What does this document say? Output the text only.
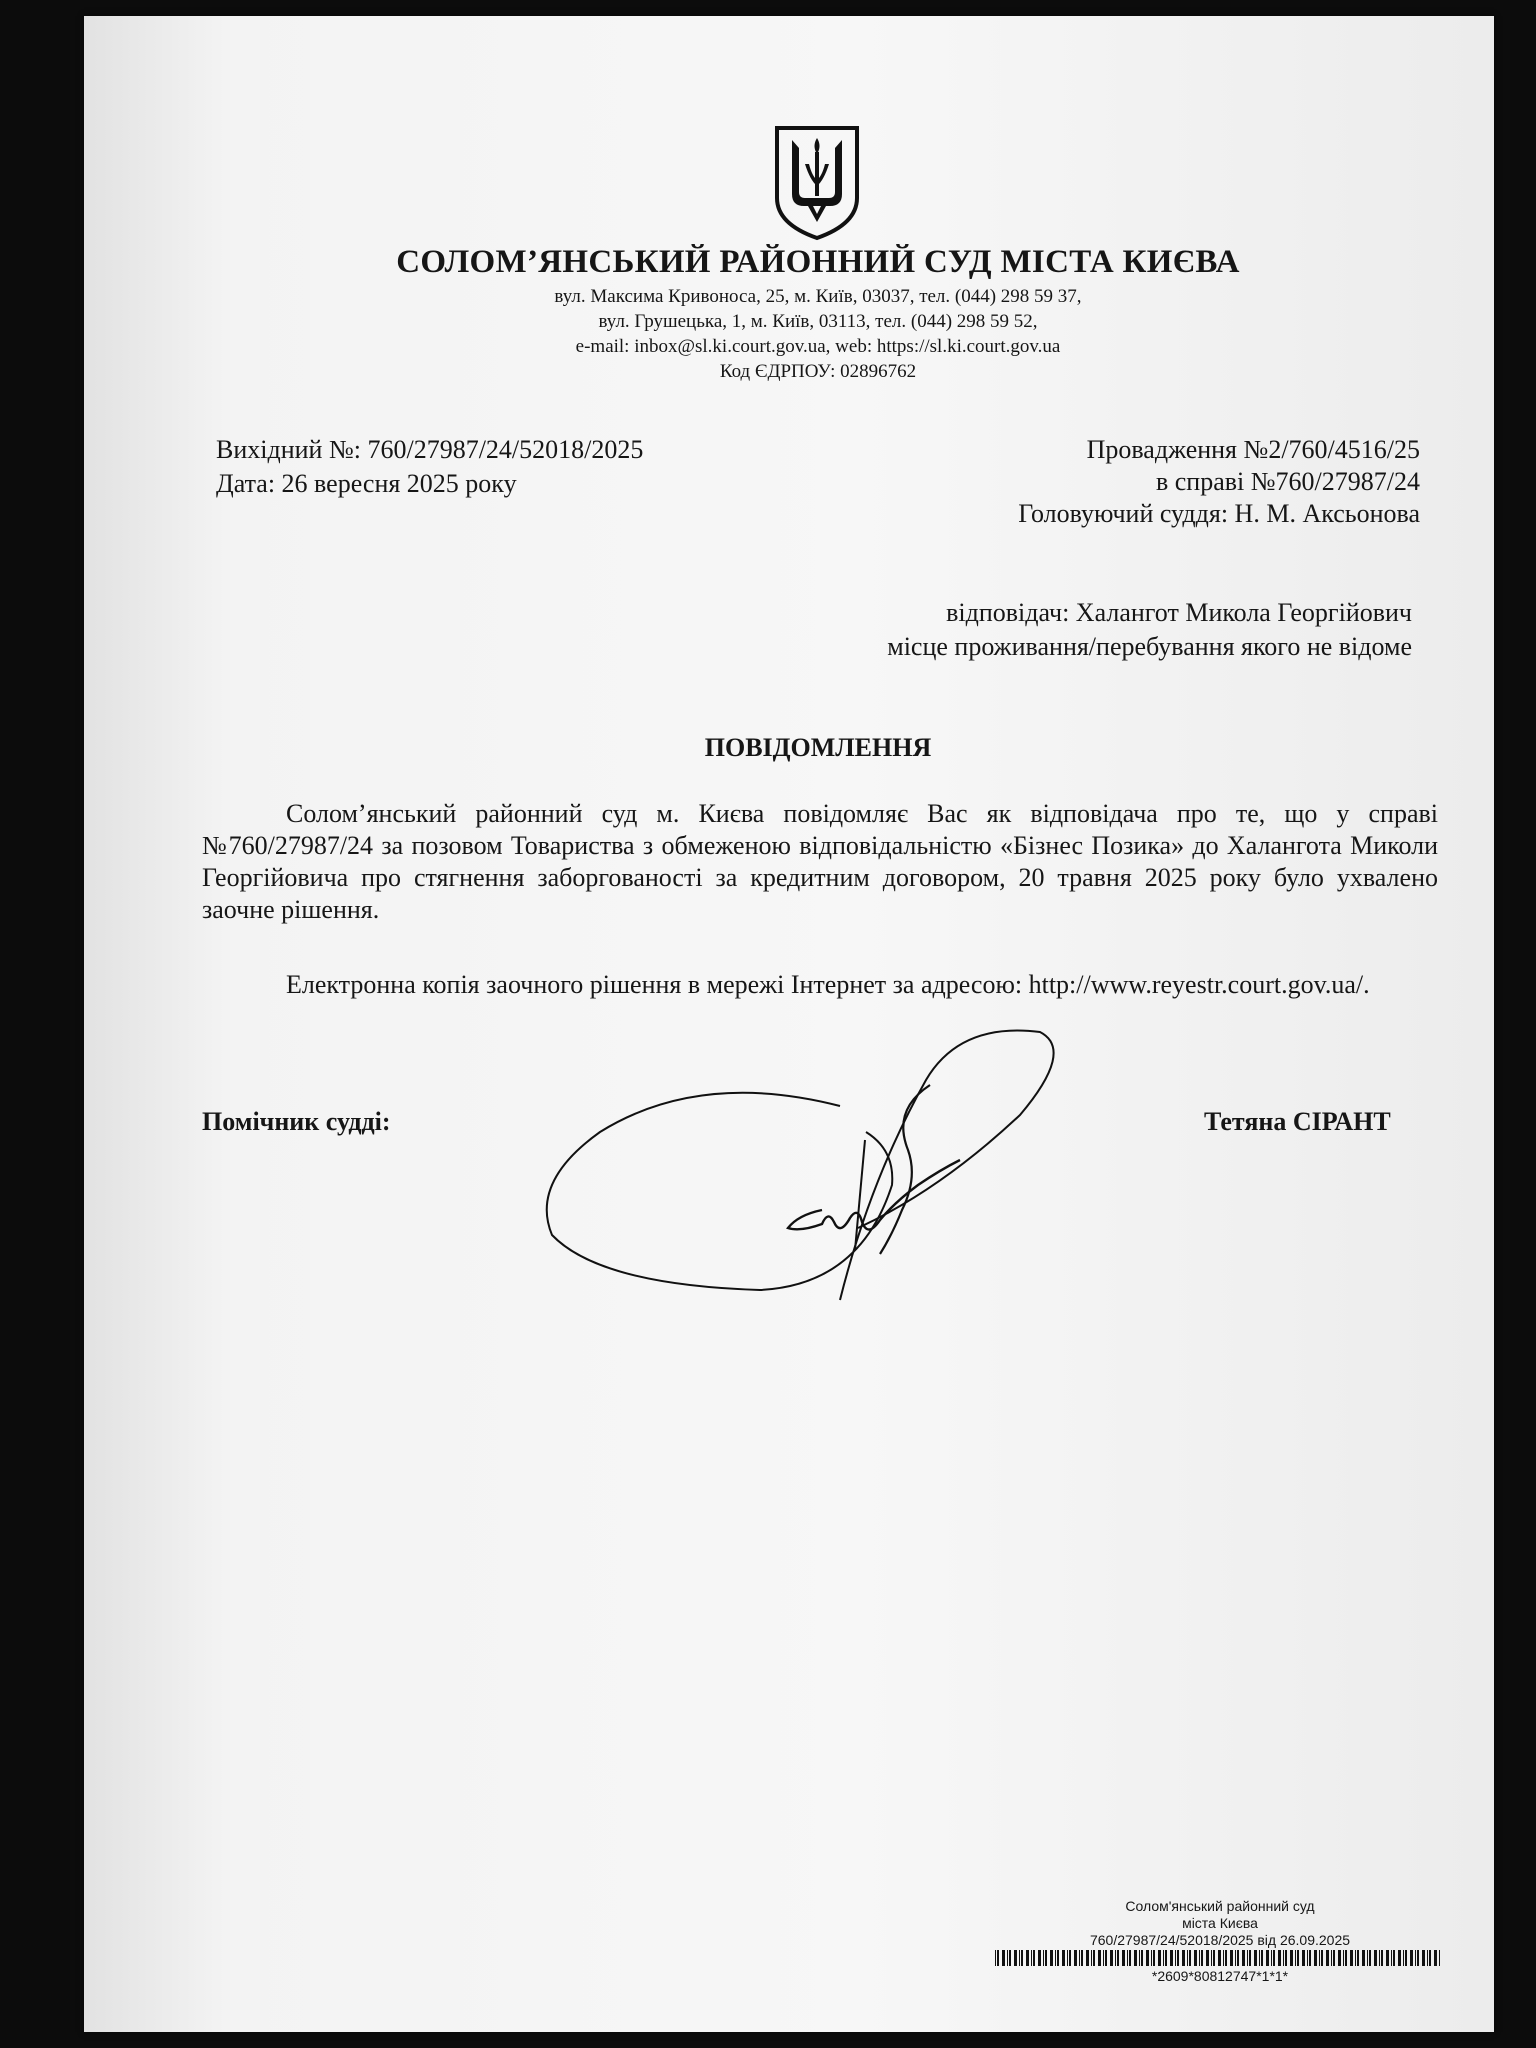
СОЛОМ’ЯНСЬКИЙ РАЙОННИЙ СУД МІСТА КИЄВА
вул. Максима Кривоноса, 25, м. Київ, 03037, тел. (044) 298 59 37,
вул. Грушецька, 1, м. Київ, 03113, тел. (044) 298 59 52,
e-mail: inbox@sl.ki.court.gov.ua, web: https://sl.ki.court.gov.ua
Код ЄДРПОУ: 02896762
Вихідний №: 760/27987/24/52018/2025
Дата: 26 вересня 2025 року
Провадження №2/760/4516/25
в справі №760/27987/24
Головуючий суддя: Н. М. Аксьонова
відповідач: Халангот Микола Георгійович
місце проживання/перебування якого не відоме
ПОВІДОМЛЕННЯ

Солом’янський районний суд м. Києва повідомляє Вас як відповідача про те, що у справі №760/27987/24 за позовом Товариства з обмеженою відповідальністю «Бізнес Позика» до Халангота Миколи Георгійовича про стягнення заборгованості за кредитним договором, 20 травня 2025 року було ухвалено заочне рішення.

Електронна копія заочного рішення в мережі Інтернет за адресою: http://www.reyestr.court.gov.ua/.

Помічник судді:	Тетяна СІРАНТ
Солом'янський районний суд
міста Києва
760/27987/24/52018/2025 від 26.09.2025
*2609*80812747*1*1*
